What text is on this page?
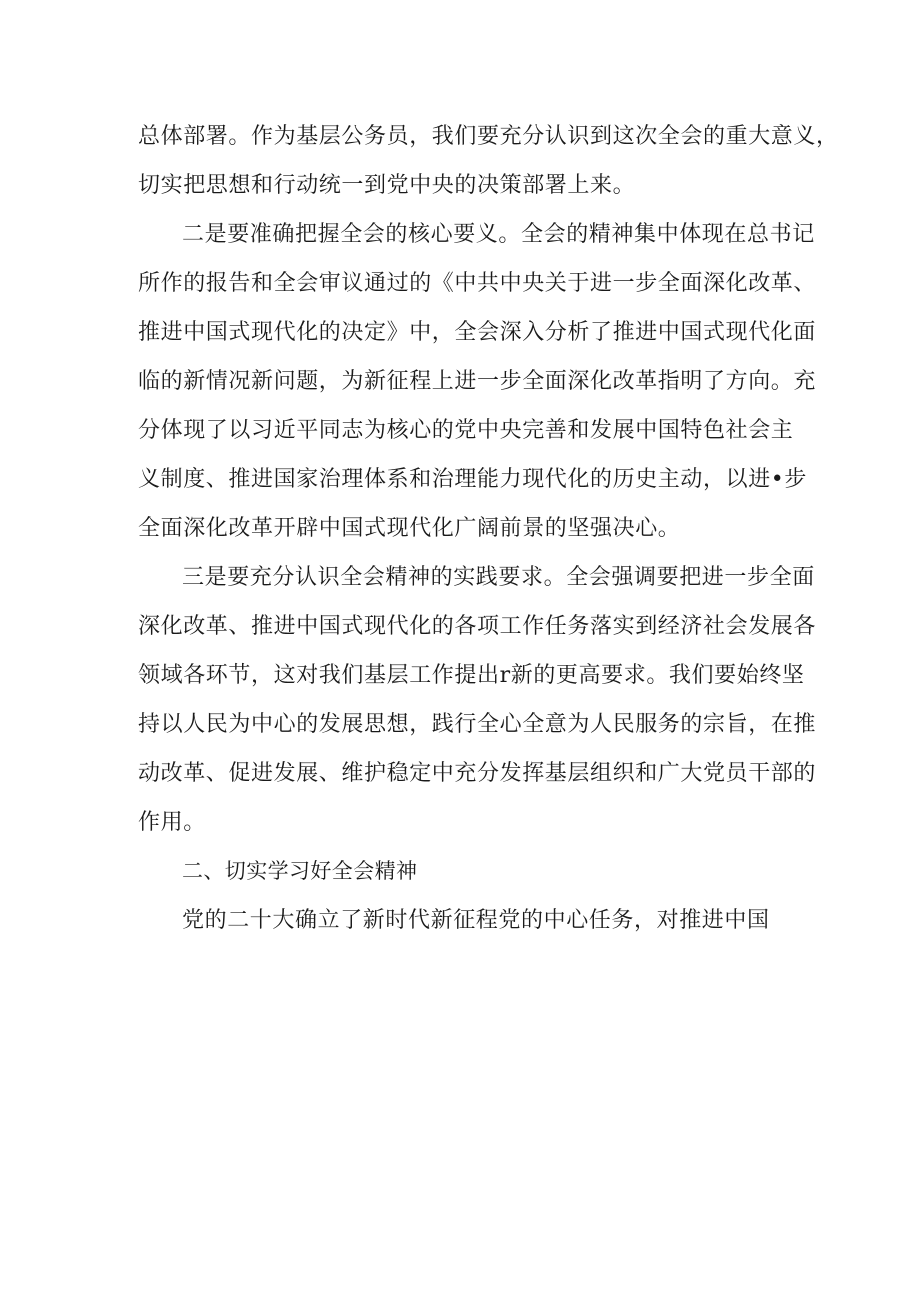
总体部署。作为基层公务员，我们要充分认识到这次全会的重大意义，
切实把思想和行动统一到党中央的决策部署上来。
二是要准确把握全会的核心要义。全会的精神集中体现在总书记
所作的报告和全会审议通过的《中共中央关于进一步全面深化改革、
推进中国式现代化的决定》中，全会深入分析了推进中国式现代化面
临的新情况新问题，为新征程上进一步全面深化改革指明了方向。充
分体现了以习近平同志为核心的党中央完善和发展中国特色社会主
义制度、推进国家治理体系和治理能力现代化的历史主动，以进•步
全面深化改革开辟中国式现代化广阔前景的坚强决心。
三是要充分认识全会精神的实践要求。全会强调要把进一步全面
深化改革、推进中国式现代化的各项工作任务落实到经济社会发展各
领域各环节，这对我们基层工作提出r新的更高要求。我们要始终坚
持以人民为中心的发展思想，践行全心全意为人民服务的宗旨，在推
动改革、促进发展、维护稳定中充分发挥基层组织和广大党员干部的
作用。
二、切实学习好全会精神
党的二十大确立了新时代新征程党的中心任务，对推进中国
